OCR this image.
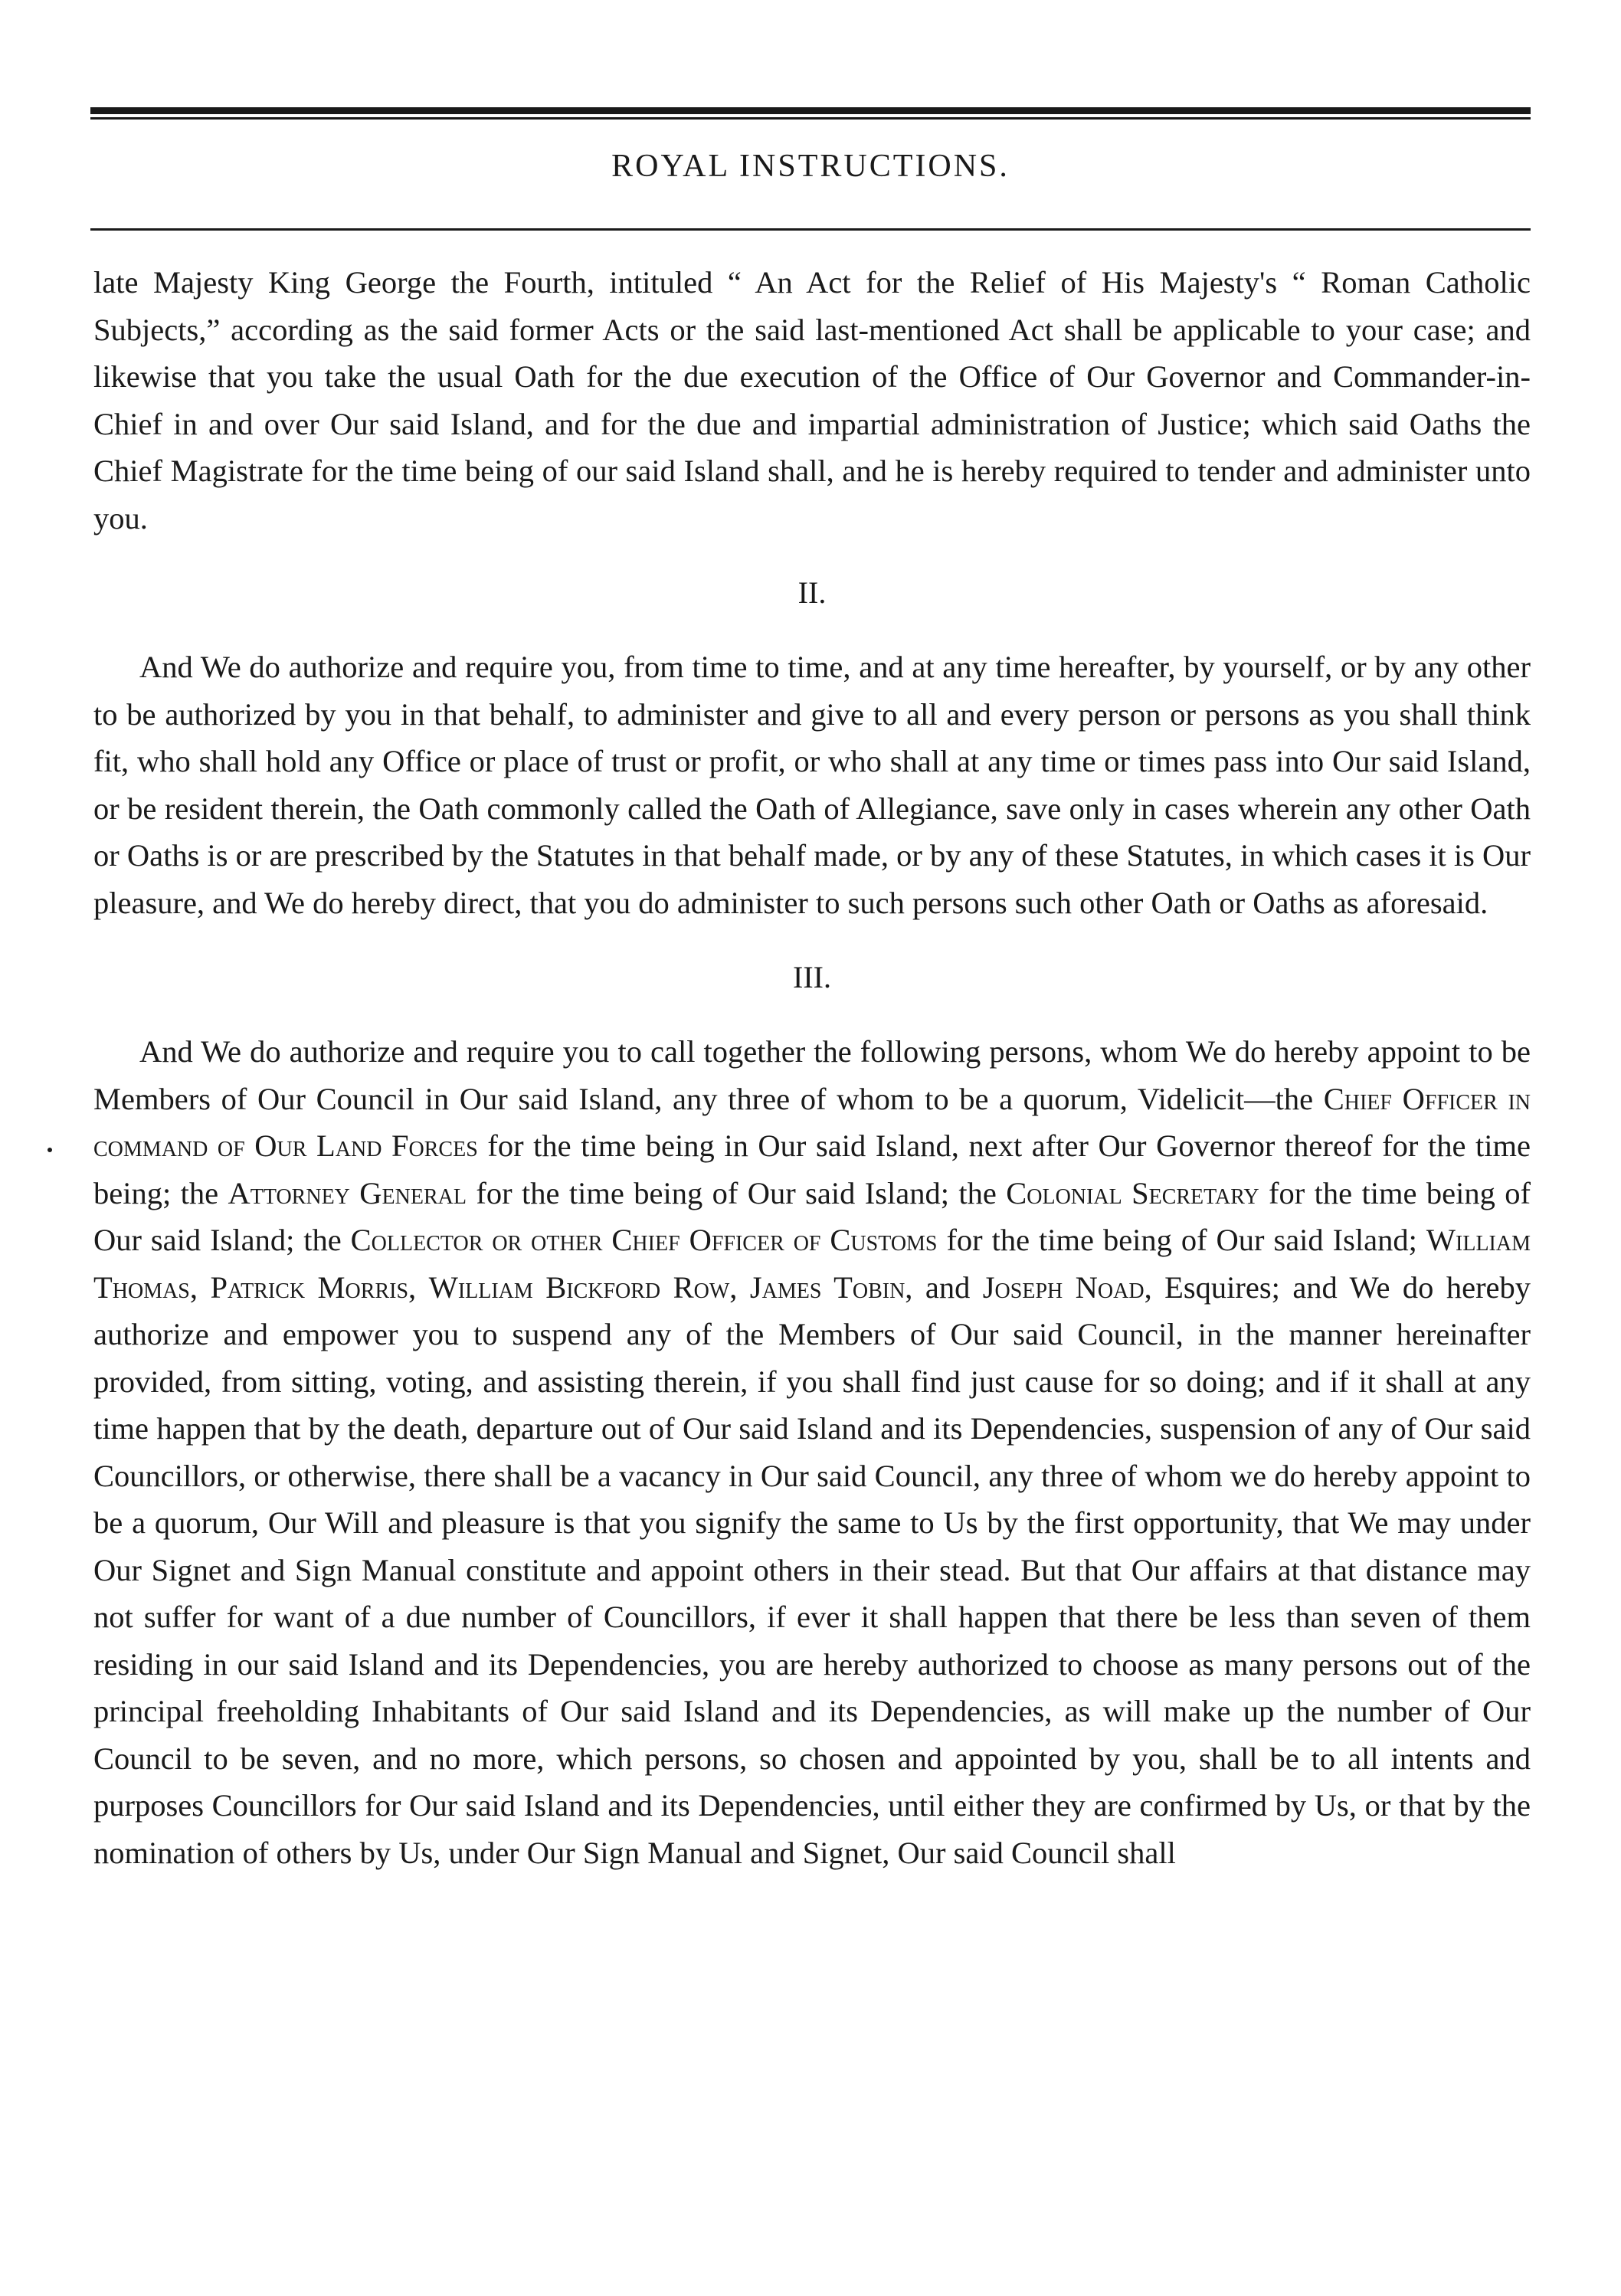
ROYAL INSTRUCTIONS.

late Majesty King George the Fourth, intituled “ An Act for the Relief of His Majesty's “ Roman Catholic Subjects,” according as the said former Acts or the said last-mentioned Act shall be applicable to your case; and likewise that you take the usual Oath for the due execution of the Office of Our Governor and Commander-in-Chief in and over Our said Island, and for the due and impartial administration of Justice; which said Oaths the Chief Magistrate for the time being of our said Island shall, and he is hereby required to tender and administer unto you.

II.

And We do authorize and require you, from time to time, and at any time hereafter, by yourself, or by any other to be authorized by you in that behalf, to administer and give to all and every person or persons as you shall think fit, who shall hold any Office or place of trust or profit, or who shall at any time or times pass into Our said Island, or be resident therein, the Oath commonly called the Oath of Allegiance, save only in cases wherein any other Oath or Oaths is or are prescribed by the Statutes in that behalf made, or by any of these Statutes, in which cases it is Our pleasure, and We do hereby direct, that you do administer to such persons such other Oath or Oaths as aforesaid.

III.

And We do authorize and require you to call together the following persons, whom We do hereby appoint to be Members of Our Council in Our said Island, any three of whom to be a quorum, Videlicit—the Chief Officer in command of Our Land Forces for the time being in Our said Island, next after Our Governor thereof for the time being; the Attorney General for the time being of Our said Island; the Colonial Secretary for the time being of Our said Island; the Collector or other Chief Officer of Customs for the time being of Our said Island; William Thomas, Patrick Morris, William Bickford Row, James Tobin, and Joseph Noad, Esquires; and We do hereby authorize and empower you to suspend any of the Members of Our said Council, in the manner hereinafter provided, from sitting, voting, and assisting therein, if you shall find just cause for so doing; and if it shall at any time happen that by the death, departure out of Our said Island and its Dependencies, suspension of any of Our said Councillors, or otherwise, there shall be a vacancy in Our said Council, any three of whom we do hereby appoint to be a quorum, Our Will and pleasure is that you signify the same to Us by the first opportunity, that We may under Our Signet and Sign Manual constitute and appoint others in their stead. But that Our affairs at that distance may not suffer for want of a due number of Councillors, if ever it shall happen that there be less than seven of them residing in our said Island and its Dependencies, you are hereby authorized to choose as many persons out of the principal freeholding Inhabitants of Our said Island and its Dependencies, as will make up the number of Our Council to be seven, and no more, which persons, so chosen and appointed by you, shall be to all intents and purposes Councillors for Our said Island and its Dependencies, until either they are confirmed by Us, or that by the nomination of others by Us, under Our Sign Manual and Signet, Our said Council shall
